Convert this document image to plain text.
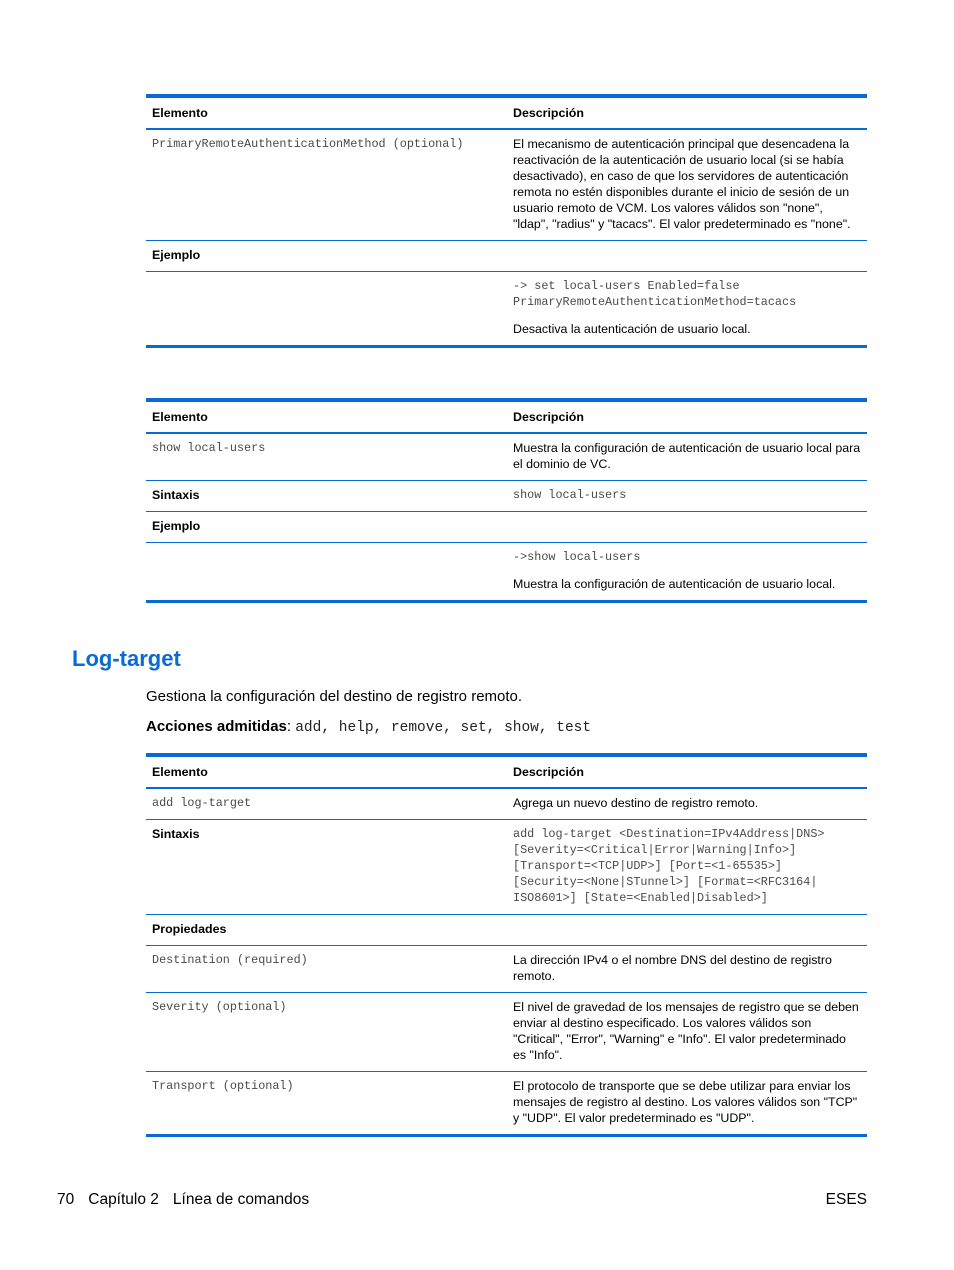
Elemento	Descripción
PrimaryRemoteAuthenticationMethod (optional)	El mecanismo de autenticación principal que desencadena la reactivación de la autenticación de usuario local (si se había desactivado), en caso de que los servidores de autenticación remota no estén disponibles durante el inicio de sesión de un usuario remoto de VCM. Los valores válidos son "none", "ldap", "radius" y "tacacs". El valor predeterminado es "none".
Ejemplo	

	-> set local-users Enabled=false
PrimaryRemoteAuthenticationMethod=tacacs
Desactiva la autenticación de usuario local.
Elemento	Descripción
show local-users	Muestra la configuración de autenticación de usuario local para el dominio de VC.
Sintaxis	show local-users
Ejemplo	

	->show local-users
Muestra la configuración de autenticación de usuario local.
Log-target

Gestiona la configuración del destino de registro remoto.

Acciones admitidas: add, help, remove, set, show, test

Elemento	Descripción
add log-target	Agrega un nuevo destino de registro remoto.
Sintaxis	add log-target <Destination=IPv4Address|DNS>
[Severity=<Critical|Error|Warning|Info>]
[Transport=<TCP|UDP>] [Port=<1-65535>]
[Security=<None|STunnel>] [Format=<RFC3164|
ISO8601>] [State=<Enabled|Disabled>]

Propiedades	
Destination (required)	La dirección IPv4 o el nombre DNS del destino de registro remoto.
Severity (optional)	El nivel de gravedad de los mensajes de registro que se deben enviar al destino especificado. Los valores válidos son "Critical", "Error", "Warning" e "Info". El valor predeterminado es "Info".
Transport (optional)	El protocolo de transporte que se debe utilizar para enviar los mensajes de registro al destino. Los valores válidos son "TCP" y "UDP". El valor predeterminado es "UDP".
70 Capítulo 2 Línea de comandos	ESES
